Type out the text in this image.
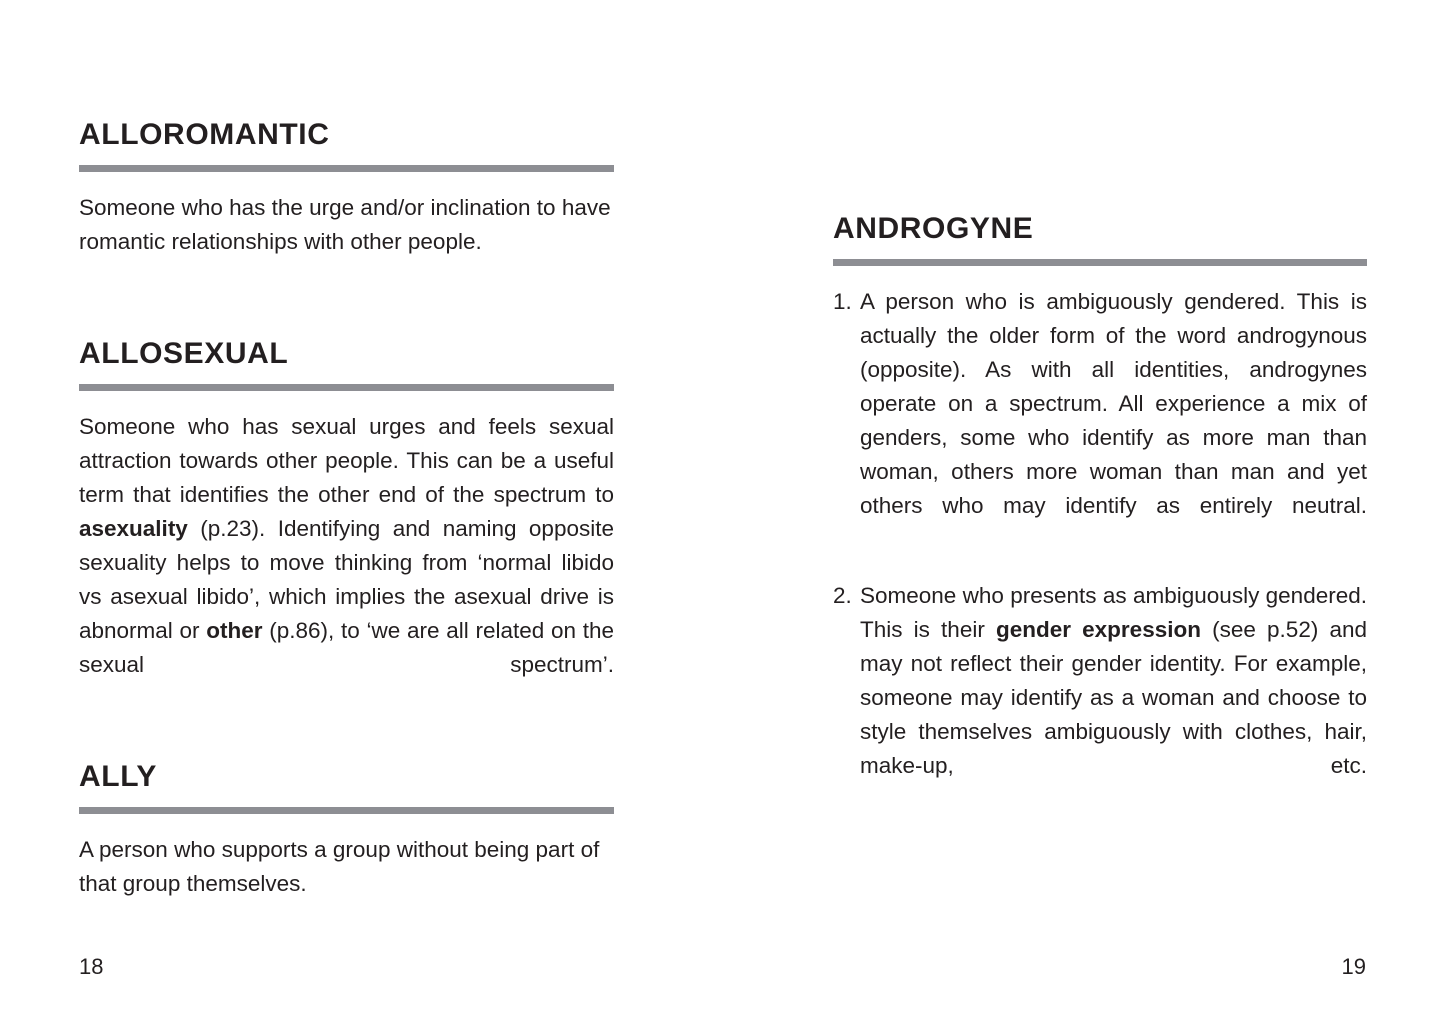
ALLOROMANTIC

Someone who has the urge and/or inclination to have romantic relationships with other people.

ALLOSEXUAL

Someone who has sexual urges and feels sexual attraction towards other people. This can be a useful term that identifies the other end of the spectrum to asexuality (p.23). Identifying and naming opposite sexuality helps to move thinking from ‘normal libido vs asexual libido’, which implies the asexual drive is abnormal or other (p.86), to ‘we are all related on the sexual spectrum’.

ALLY

A person who supports a group without being part of that group themselves.

ANDROGYNE
1. A person who is ambiguously gendered. This is actually the older form of the word androgynous (opposite). As with all identities, androgynes operate on a spectrum. All experience a mix of genders, some who identify as more man than woman, others more woman than man and yet others who may identify as entirely neutral.
2. Someone who presents as ambiguously gendered. This is their gender expression (see p.52) and may not reflect their gender identity. For example, someone may identify as a woman and choose to style themselves ambiguously with clothes, hair, make-up, etc.
18	19
